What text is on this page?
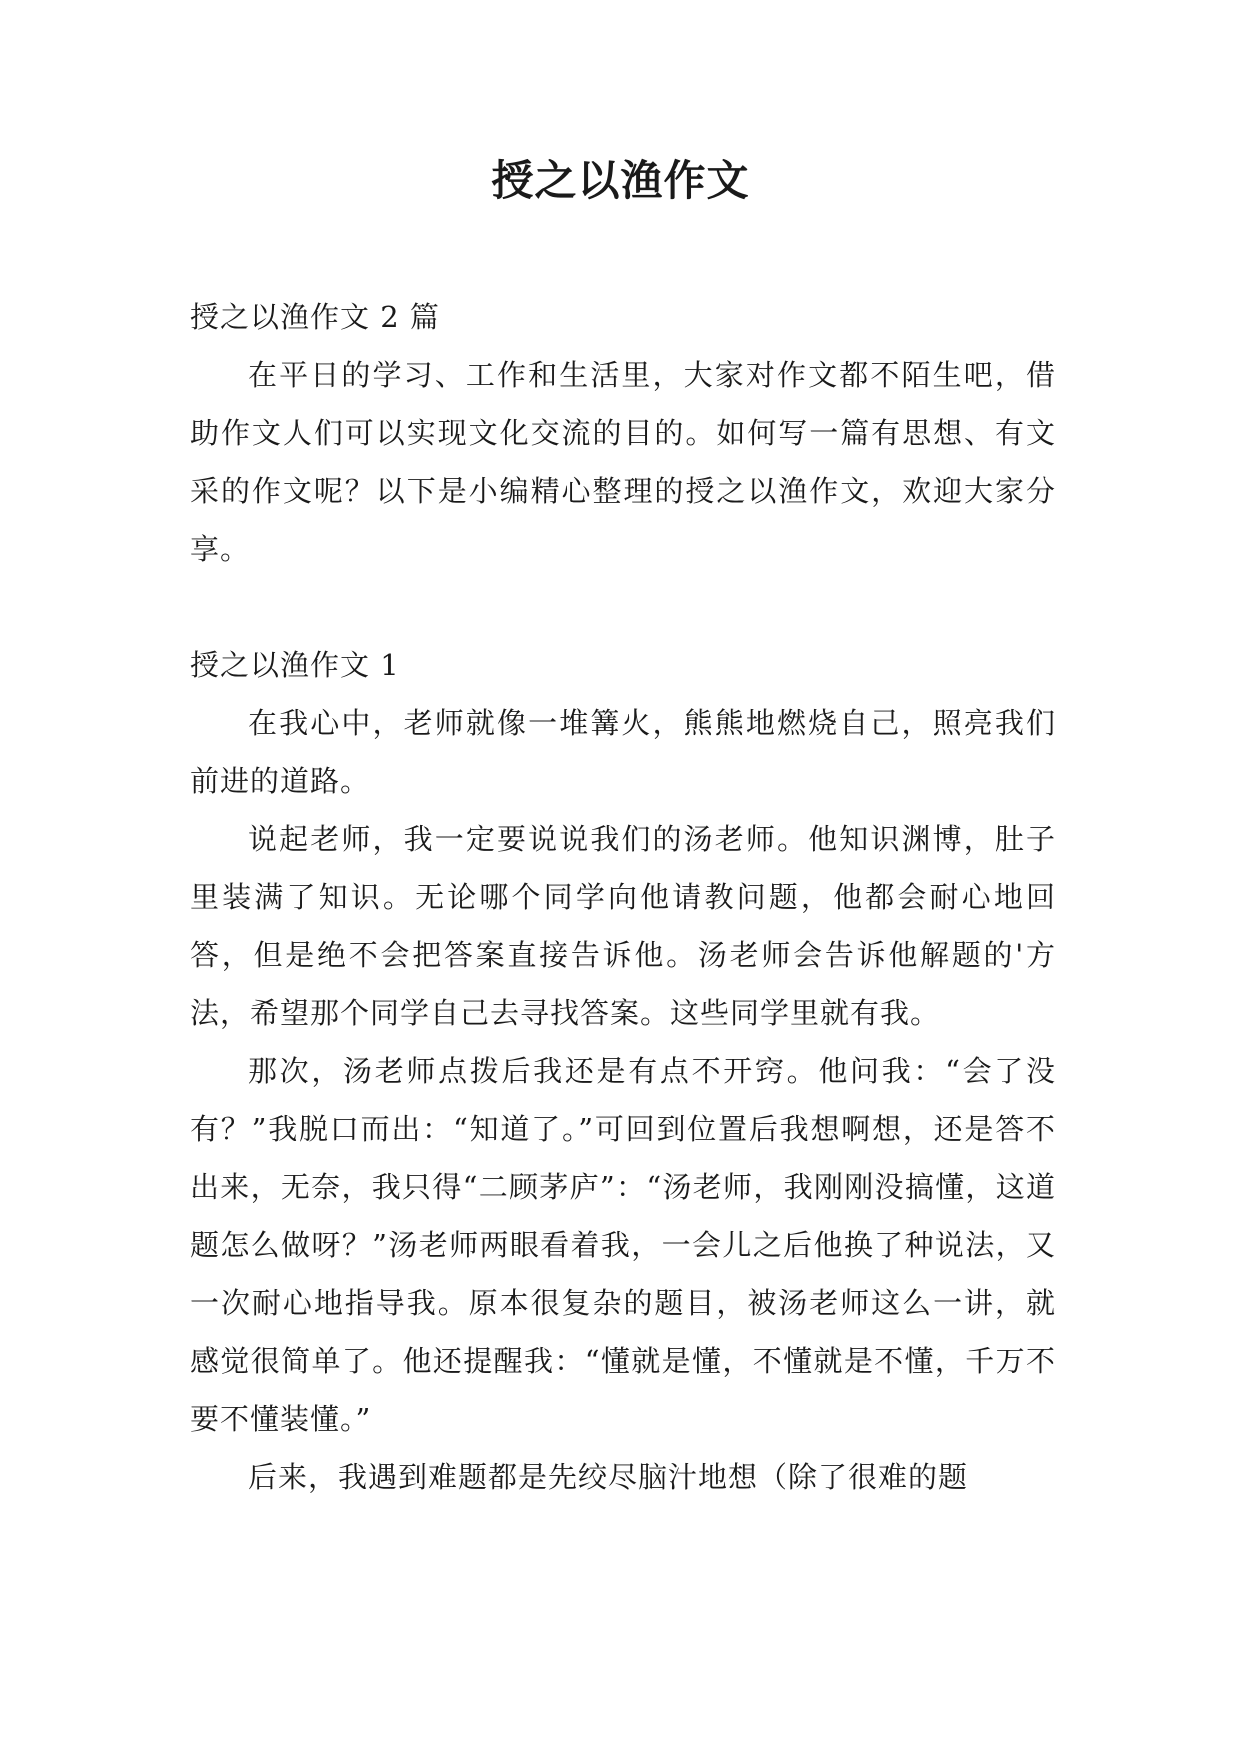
授之以渔作文

授之以渔作文 2 篇

在平日的学习、工作和生活里，大家对作文都不陌生吧，借助作文人们可以实现文化交流的目的。如何写一篇有思想、有文采的作文呢？以下是小编精心整理的授之以渔作文，欢迎大家分享。

授之以渔作文 1

在我心中，老师就像一堆篝火，熊熊地燃烧自己，照亮我们前进的道路。

说起老师，我一定要说说我们的汤老师。他知识渊博，肚子里装满了知识。无论哪个同学向他请教问题，他都会耐心地回答，但是绝不会把答案直接告诉他。汤老师会告诉他解题的'方法，希望那个同学自己去寻找答案。这些同学里就有我。

那次，汤老师点拨后我还是有点不开窍。他问我：“会了没有？”我脱口而出：“知道了。”可回到位置后我想啊想，还是答不出来，无奈，我只得“二顾茅庐”：“汤老师，我刚刚没搞懂，这道题怎么做呀？”汤老师两眼看着我，一会儿之后他换了种说法，又一次耐心地指导我。原本很复杂的题目，被汤老师这么一讲，就感觉很简单了。他还提醒我：“懂就是懂，不懂就是不懂，千万不要不懂装懂。”

后来，我遇到难题都是先绞尽脑汁地想（除了很难的题
